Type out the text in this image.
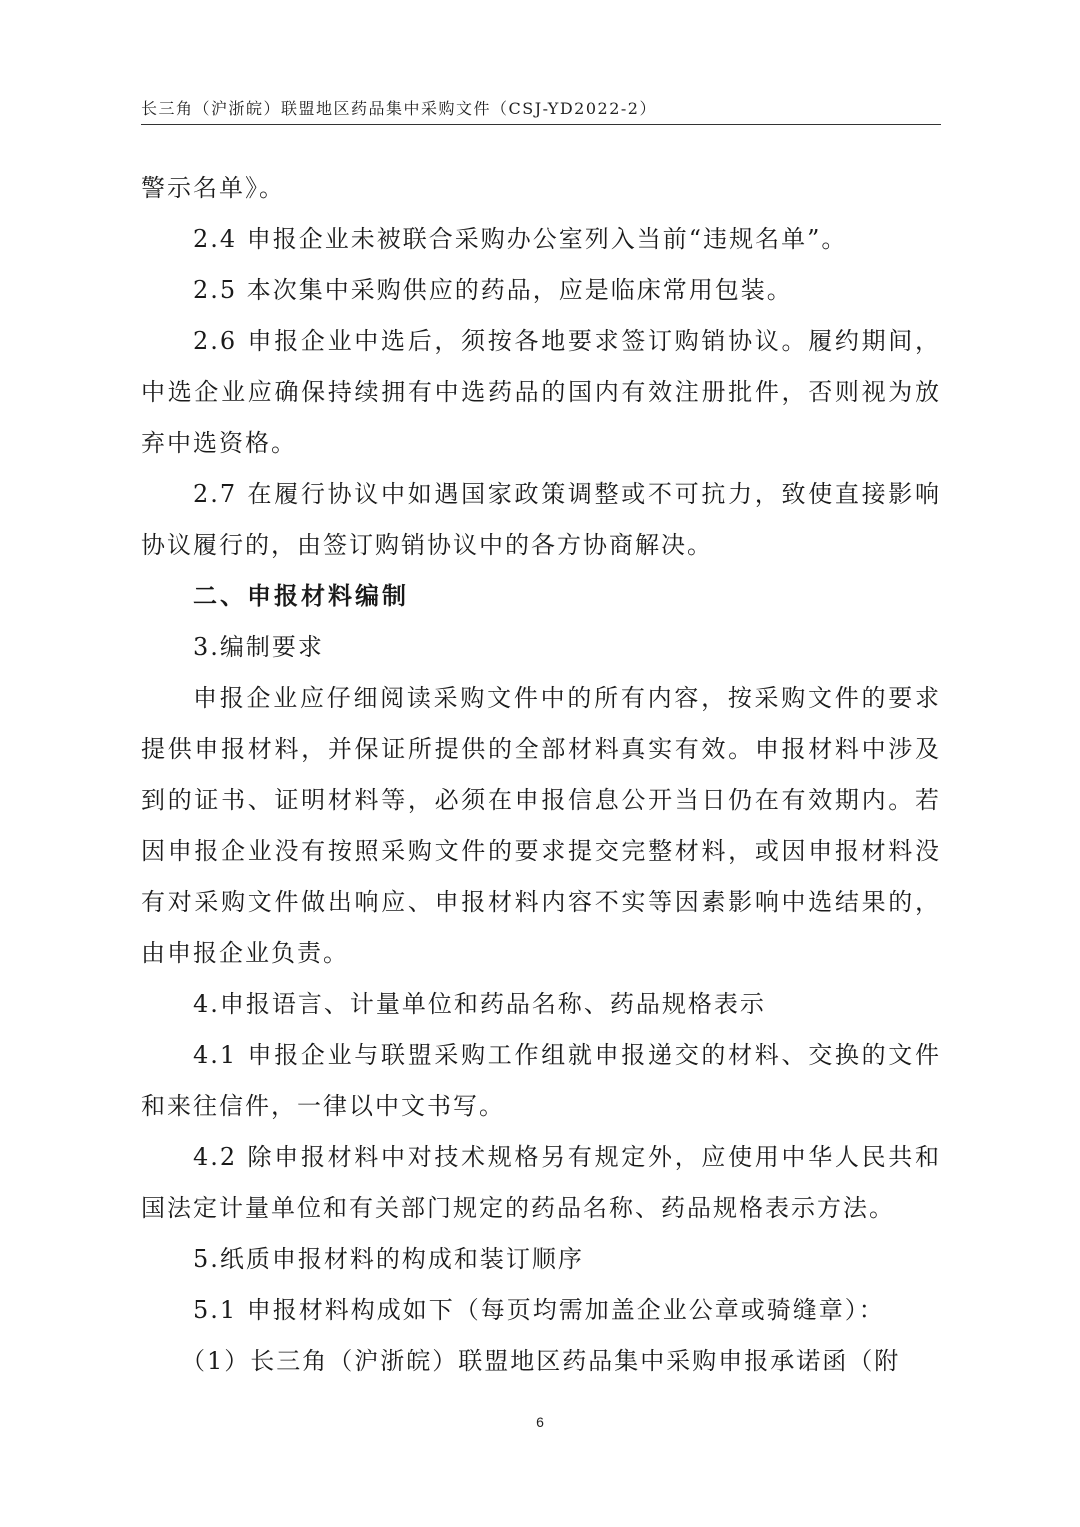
长三角（沪浙皖）联盟地区药品集中采购文件（CSJ-YD2022-2）

警示名单》。

2.4 申报企业未被联合采购办公室列入当前“违规名单”。

2.5 本次集中采购供应的药品，应是临床常用包装。

2.6 申报企业中选后，须按各地要求签订购销协议。履约期间，中选企业应确保持续拥有中选药品的国内有效注册批件，否则视为放弃中选资格。

2.7 在履行协议中如遇国家政策调整或不可抗力，致使直接影响协议履行的，由签订购销协议中的各方协商解决。

二、申报材料编制

3.编制要求

申报企业应仔细阅读采购文件中的所有内容，按采购文件的要求提供申报材料，并保证所提供的全部材料真实有效。申报材料中涉及到的证书、证明材料等，必须在申报信息公开当日仍在有效期内。若因申报企业没有按照采购文件的要求提交完整材料，或因申报材料没有对采购文件做出响应、申报材料内容不实等因素影响中选结果的，由申报企业负责。

4.申报语言、计量单位和药品名称、药品规格表示

4.1 申报企业与联盟采购工作组就申报递交的材料、交换的文件和来往信件，一律以中文书写。

4.2 除申报材料中对技术规格另有规定外，应使用中华人民共和国法定计量单位和有关部门规定的药品名称、药品规格表示方法。

5.纸质申报材料的构成和装订顺序

5.1 申报材料构成如下（每页均需加盖企业公章或骑缝章）：

（1）长三角（沪浙皖）联盟地区药品集中采购申报承诺函（附

6
